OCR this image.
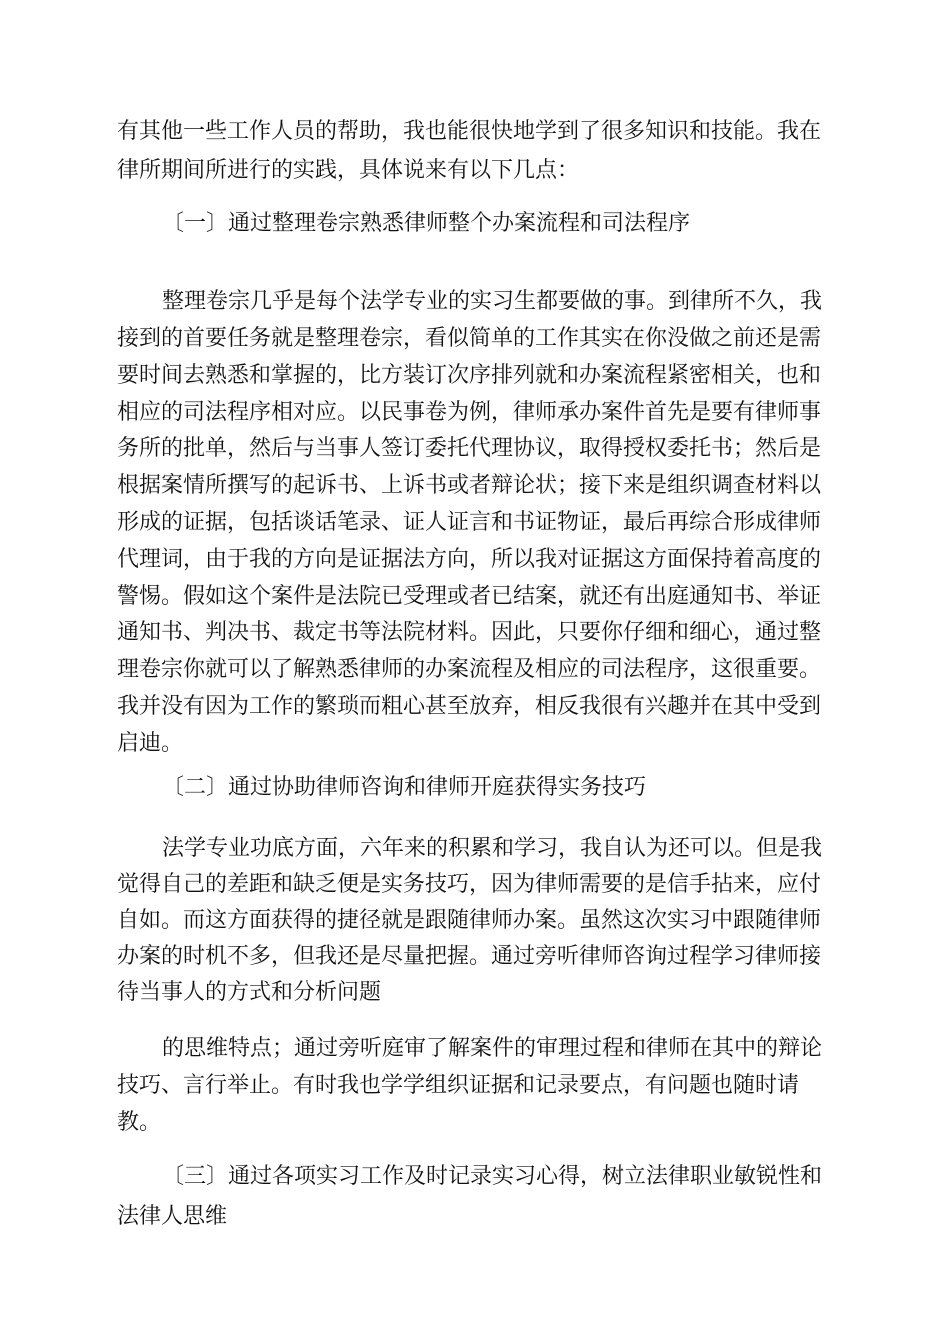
有其他一些工作人员的帮助，我也能很快地学到了很多知识和技能。我在
律所期间所进行的实践，具体说来有以下几点：
〔一〕通过整理卷宗熟悉律师整个办案流程和司法程序
整理卷宗几乎是每个法学专业的实习生都要做的事。到律所不久，我
接到的首要任务就是整理卷宗，看似简单的工作其实在你没做之前还是需
要时间去熟悉和掌握的，比方装订次序排列就和办案流程紧密相关，也和
相应的司法程序相对应。以民事卷为例，律师承办案件首先是要有律师事
务所的批单，然后与当事人签订委托代理协议，取得授权委托书；然后是
根据案情所撰写的起诉书、上诉书或者辩论状；接下来是组织调查材料以
形成的证据，包括谈话笔录、证人证言和书证物证，最后再综合形成律师
代理词，由于我的方向是证据法方向，所以我对证据这方面保持着高度的
警惕。假如这个案件是法院已受理或者已结案，就还有出庭通知书、举证
通知书、判决书、裁定书等法院材料。因此，只要你仔细和细心，通过整
理卷宗你就可以了解熟悉律师的办案流程及相应的司法程序，这很重要。
我并没有因为工作的繁琐而粗心甚至放弃，相反我很有兴趣并在其中受到
启迪。
〔二〕通过协助律师咨询和律师开庭获得实务技巧
法学专业功底方面，六年来的积累和学习，我自认为还可以。但是我
觉得自己的差距和缺乏便是实务技巧，因为律师需要的是信手拈来，应付
自如。而这方面获得的捷径就是跟随律师办案。虽然这次实习中跟随律师
办案的时机不多，但我还是尽量把握。通过旁听律师咨询过程学习律师接
待当事人的方式和分析问题
的思维特点；通过旁听庭审了解案件的审理过程和律师在其中的辩论
技巧、言行举止。有时我也学学组织证据和记录要点，有问题也随时请
教。
〔三〕通过各项实习工作及时记录实习心得，树立法律职业敏锐性和
法律人思维
